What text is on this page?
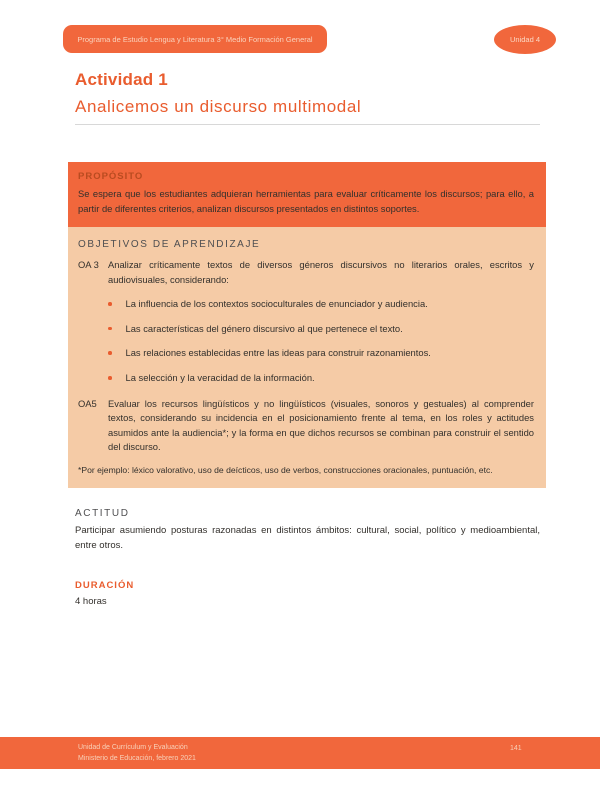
Programa de Estudio Lengua y Literatura 3° Medio Formación General	Unidad 4
Actividad 1
Analicemos un discurso multimodal
PROPÓSITO

Se espera que los estudiantes adquieran herramientas para evaluar críticamente los discursos; para ello, a partir de diferentes criterios, analizan discursos presentados en distintos soportes.

OBJETIVOS DE APRENDIZAJE
OA 3 Analizar críticamente textos de diversos géneros discursivos no literarios orales, escritos y audiovisuales, considerando:
La influencia de los contextos socioculturales de enunciador y audiencia.
Las características del género discursivo al que pertenece el texto.
Las relaciones establecidas entre las ideas para construir razonamientos.
La selección y la veracidad de la información.
OA5	Evaluar los recursos lingüísticos y no lingüísticos (visuales, sonoros y gestuales) al comprender textos, considerando su incidencia en el posicionamiento frente al tema, en los roles y actitudes asumidos ante la audiencia*; y la forma en que dichos recursos se combinan para construir el sentido del discurso.
*Por ejemplo: léxico valorativo, uso de deícticos, uso de verbos, construcciones oracionales, puntuación, etc.
ACTITUD

Participar asumiendo posturas razonadas en distintos ámbitos: cultural, social, político y medioambiental, entre otros.

DURACIÓN

4 horas

Unidad de Currículum y Evaluación
Ministerio de Educación, febrero 2021
141
